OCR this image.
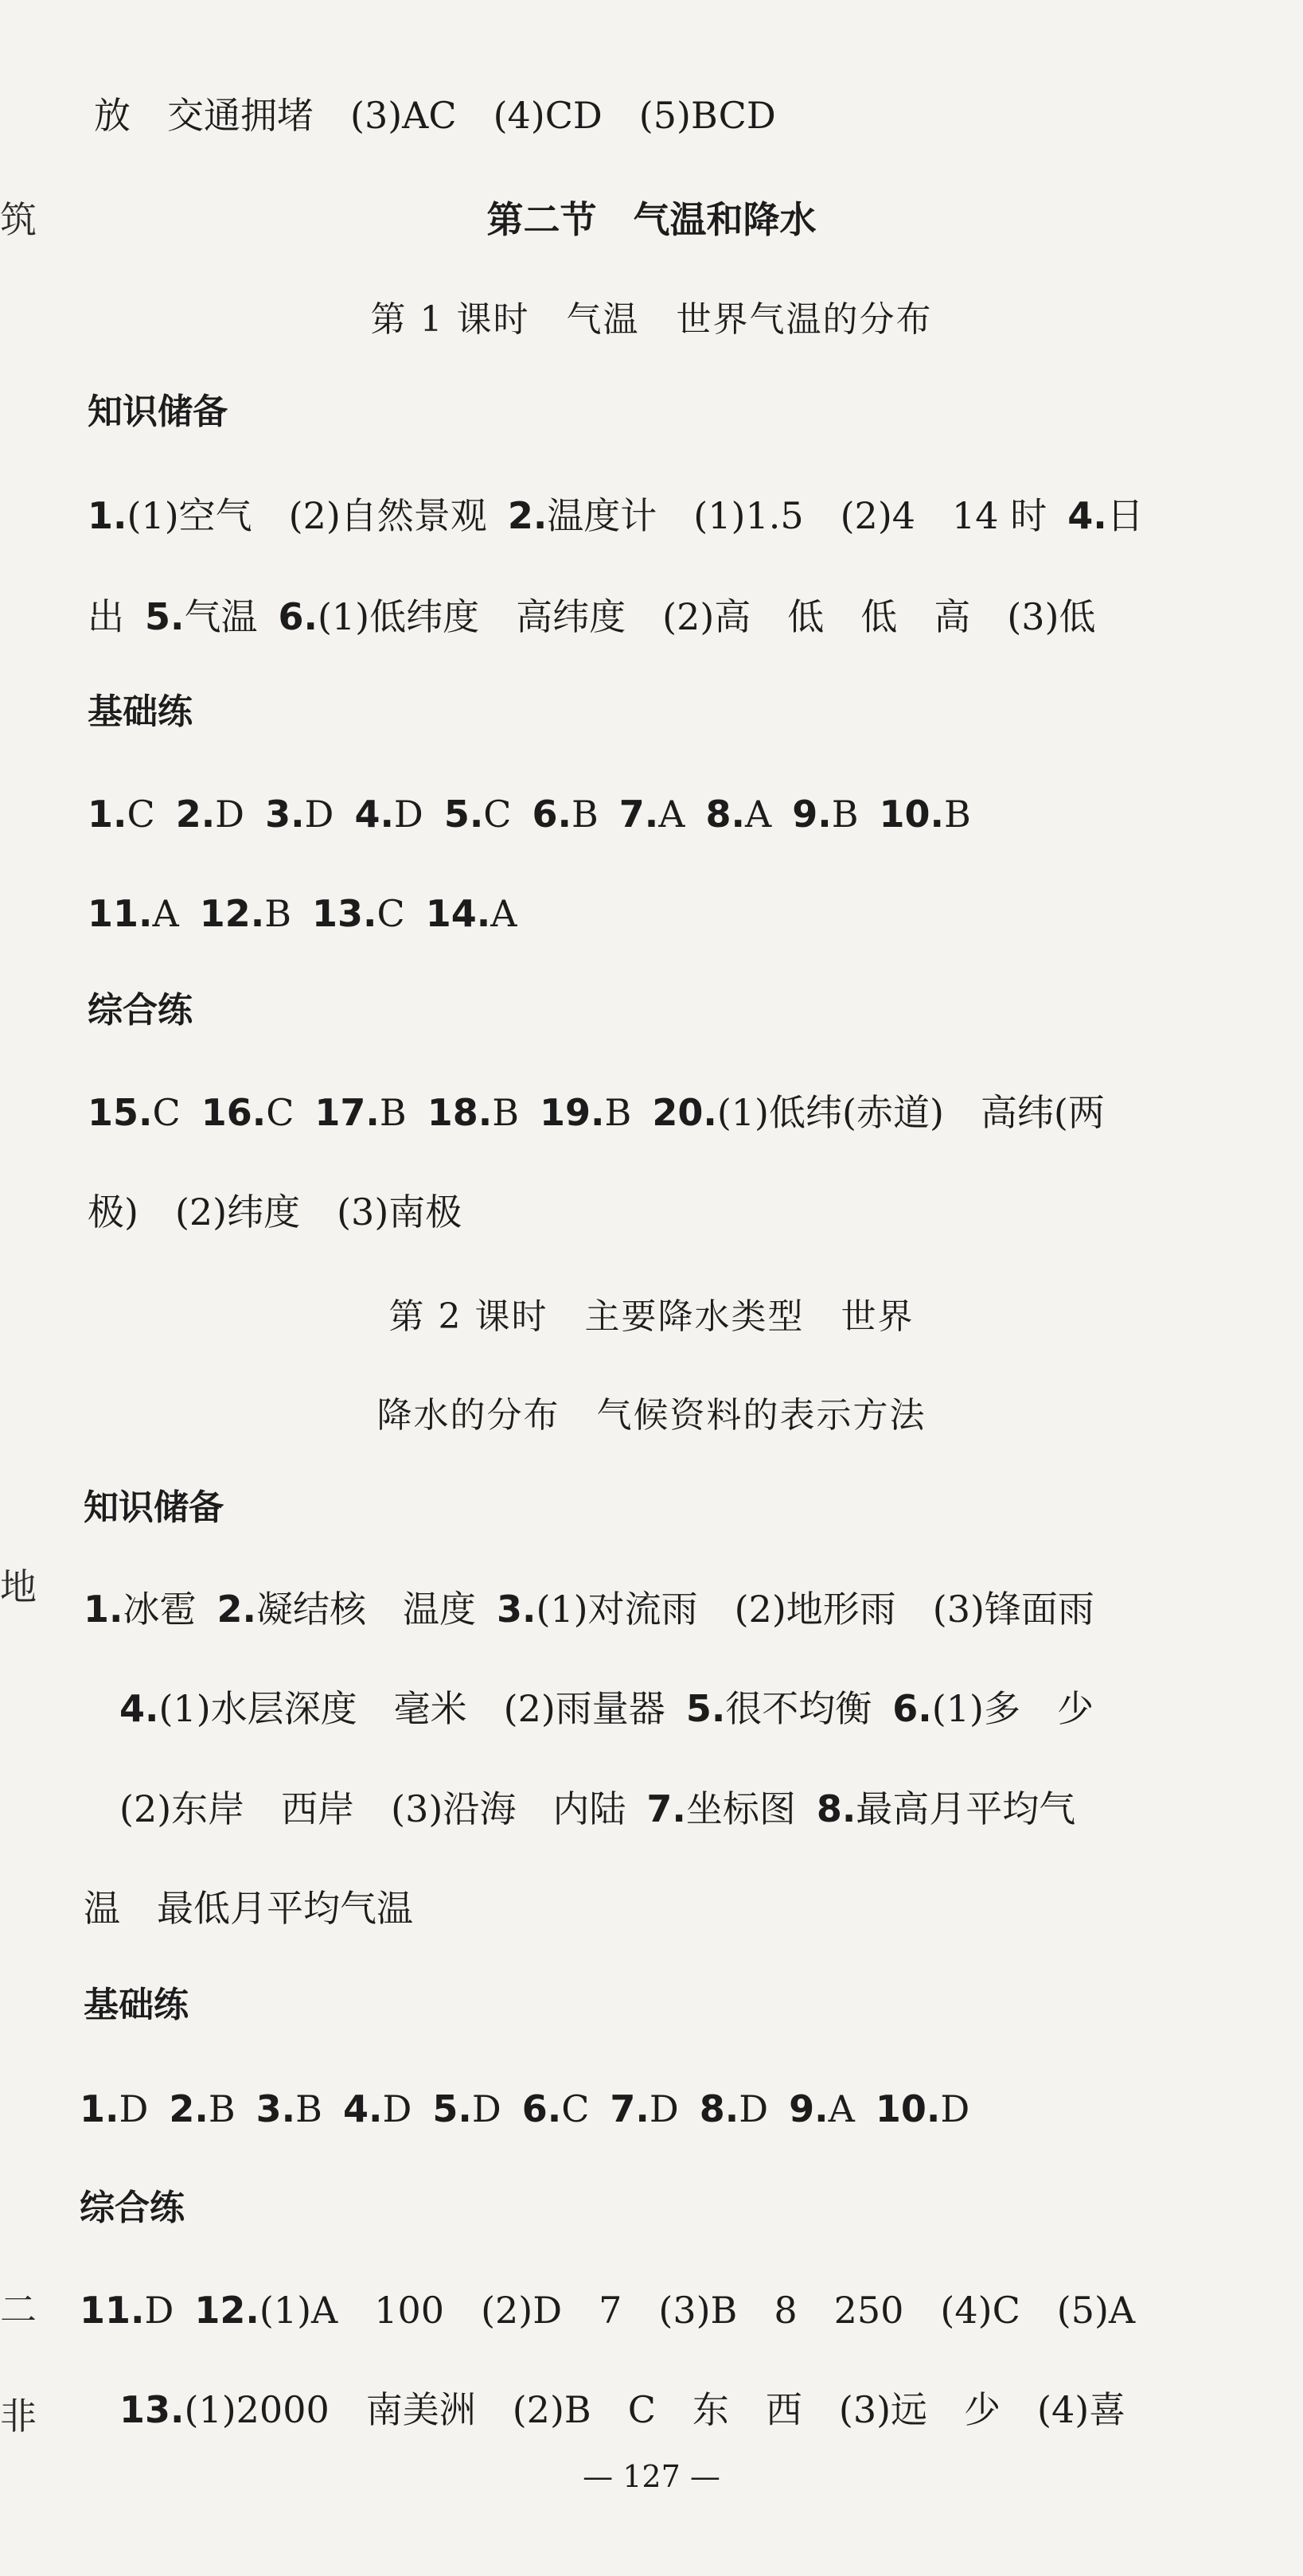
筑
地
二
非
放　交通拥堵　(3)AC　(4)CD　(5)BCD
第二节　气温和降水
第 1 课时　气温　世界气温的分布
知识储备
1.(1)空气　(2)自然景观 2.温度计　(1)1.5　(2)4　14 时 4.日
出 5.气温 6.(1)低纬度　高纬度　(2)高　低　低　高　(3)低
基础练
1.C 2.D 3.D 4.D 5.C 6.B 7.A 8.A 9.B 10.B
11.A 12.B 13.C 14.A
综合练
15.C 16.C 17.B 18.B 19.B 20.(1)低纬(赤道)　高纬(两
极)　(2)纬度　(3)南极
第 2 课时　主要降水类型　世界
降水的分布　气候资料的表示方法
知识储备
1.冰雹 2.凝结核　温度 3.(1)对流雨　(2)地形雨　(3)锋面雨
4.(1)水层深度　毫米　(2)雨量器 5.很不均衡 6.(1)多　少
(2)东岸　西岸　(3)沿海　内陆 7.坐标图 8.最高月平均气
温　最低月平均气温
基础练
1.D 2.B 3.B 4.D 5.D 6.C 7.D 8.D 9.A 10.D
综合练
11.D 12.(1)A　100　(2)D　7　(3)B　8　250　(4)C　(5)A
13.(1)2000　南美洲　(2)B　C　东　西　(3)远　少　(4)喜
— 127 —
